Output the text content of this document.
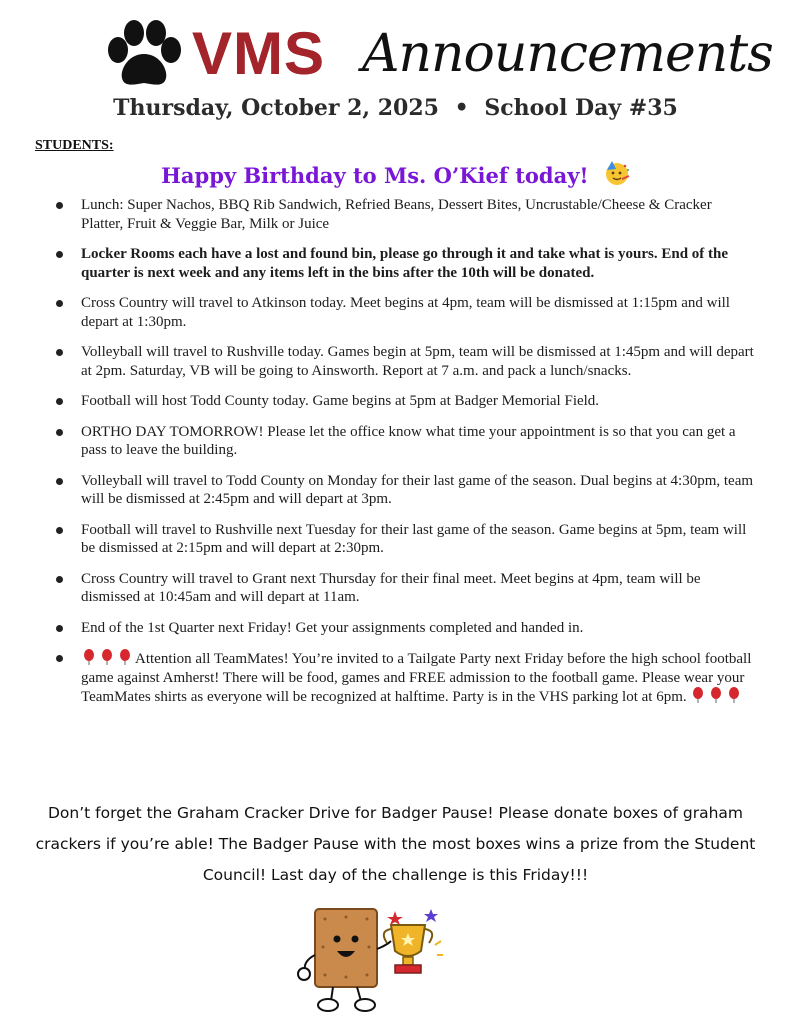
VMS Announcements
Thursday, October 2, 2025 • School Day #35
STUDENTS:
Happy Birthday to Ms. O’Kief today!
Lunch: Super Nachos, BBQ Rib Sandwich, Refried Beans, Dessert Bites, Uncrustable/Cheese & Cracker Platter, Fruit & Veggie Bar, Milk or Juice
Locker Rooms each have a lost and found bin, please go through it and take what is yours. End of the quarter is next week and any items left in the bins after the 10th will be donated.
Cross Country will travel to Atkinson today. Meet begins at 4pm, team will be dismissed at 1:15pm and will depart at 1:30pm.
Volleyball will travel to Rushville today. Games begin at 5pm, team will be dismissed at 1:45pm and will depart at 2pm. Saturday, VB will be going to Ainsworth. Report at 7 a.m. and pack a lunch/snacks.
Football will host Todd County today. Game begins at 5pm at Badger Memorial Field.
ORTHO DAY TOMORROW! Please let the office know what time your appointment is so that you can get a pass to leave the building.
Volleyball will travel to Todd County on Monday for their last game of the season. Dual begins at 4:30pm, team will be dismissed at 2:45pm and will depart at 3pm.
Football will travel to Rushville next Tuesday for their last game of the season. Game begins at 5pm, team will be dismissed at 2:15pm and will depart at 2:30pm.
Cross Country will travel to Grant next Thursday for their final meet. Meet begins at 4pm, team will be dismissed at 10:45am and will depart at 11am.
End of the 1st Quarter next Friday! Get your assignments completed and handed in.
Attention all TeamMates! You’re invited to a Tailgate Party next Friday before the high school football game against Amherst! There will be food, games and FREE admission to the football game. Please wear your TeamMates shirts as everyone will be recognized at halftime. Party is in the VHS parking lot at 6pm.
Don’t forget the Graham Cracker Drive for Badger Pause! Please donate boxes of graham crackers if you’re able! The Badger Pause with the most boxes wins a prize from the Student Council! Last day of the challenge is this Friday!!!
